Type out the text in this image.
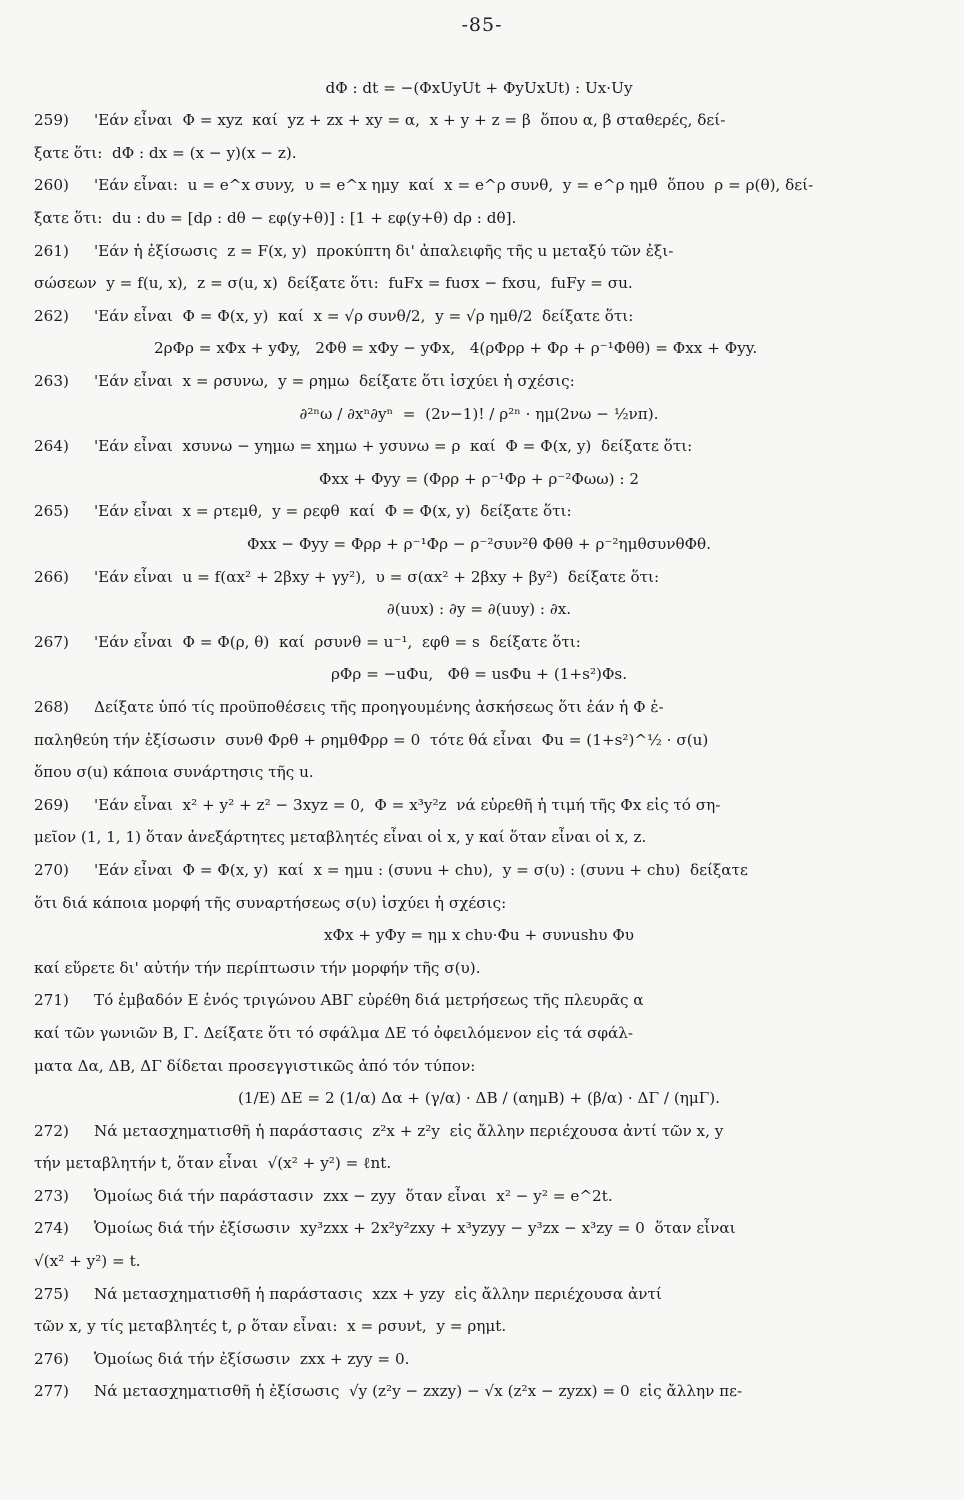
-85-
dΦ : dt = −(ΦxUyUt + ΦyUxUt) : Ux·Uy
259)	'Εάν εἶναι  Φ = xyz  καί  yz + zx + xy = α,  x + y + z = β  ὅπου α, β σταθερές, δεί-
ξατε ὅτι:  dΦ : dx = (x − y)(x − z).
260)	'Εάν εἶναι:  u = e^x συνy,  υ = e^x ημy  καί  x = e^ρ συνθ,  y = e^ρ ημθ  ὅπου  ρ = ρ(θ), δεί-
ξατε ὅτι:  du : dυ = [dρ : dθ − εφ(y+θ)] : [1 + εφ(y+θ) dρ : dθ].
261)	'Εάν ἡ ἐξίσωσις  z = F(x, y)  προκύπτη δι' ἀπαλειφῆς τῆς u μεταξύ τῶν ἐξι-
σώσεων  y = f(u, x),  z = σ(u, x)  δείξατε ὅτι:  fuFx = fuσx − fxσu,  fuFy = σu.
262)	'Εάν εἶναι  Φ = Φ(x, y)  καί  x = √ρ συνθ/2,  y = √ρ ημθ/2  δείξατε ὅτι:
2ρΦρ = xΦx + yΦy,   2Φθ = xΦy − yΦx,   4(ρΦρρ + Φρ + ρ⁻¹Φθθ) = Φxx + Φyy.
263)	'Εάν εἶναι  x = ρσυνω,  y = ρημω  δείξατε ὅτι ἰσχύει ἡ σχέσις:
∂²ⁿω / ∂xⁿ∂yⁿ  =  (2ν−1)! / ρ²ⁿ · ημ(2νω − ½νπ).
264)	'Εάν εἶναι  xσυνω − yημω = xημω + yσυνω = ρ  καί  Φ = Φ(x, y)  δείξατε ὅτι:
Φxx + Φyy = (Φρρ + ρ⁻¹Φρ + ρ⁻²Φωω) : 2
265)	'Εάν εἶναι  x = ρτεμθ,  y = ρεφθ  καί  Φ = Φ(x, y)  δείξατε ὅτι:
Φxx − Φyy = Φρρ + ρ⁻¹Φρ − ρ⁻²συν²θ Φθθ + ρ⁻²ημθσυνθΦθ.
266)	'Εάν εἶναι  u = f(αx² + 2βxy + γy²),  υ = σ(αx² + 2βxy + βy²)  δείξατε ὅτι:
∂(uυx) : ∂y = ∂(uυy) : ∂x.
267)	'Εάν εἶναι  Φ = Φ(ρ, θ)  καί  ρσυνθ = u⁻¹,  εφθ = s  δείξατε ὅτι:
ρΦρ = −uΦu,   Φθ = usΦu + (1+s²)Φs.
268)	Δείξατε ὑπό τίς προϋποθέσεις τῆς προηγουμένης ἀσκήσεως ὅτι ἐάν ἡ Φ ἐ-
παληθεύη τήν ἐξίσωσιν  συνθ Φρθ + ρημθΦρρ = 0  τότε θά εἶναι  Φu = (1+s²)^½ · σ(u)
ὅπου σ(u) κάποια συνάρτησις τῆς u.
269)	'Εάν εἶναι  x² + y² + z² − 3xyz = 0,  Φ = x³y²z  νά εὑρεθῆ ἡ τιμή τῆς Φx εἰς τό ση-
μεῖον (1, 1, 1) ὅταν ἀνεξάρτητες μεταβλητές εἶναι οἱ x, y καί ὅταν εἶναι οἱ x, z.
270)	'Εάν εἶναι  Φ = Φ(x, y)  καί  x = ημu : (συνu + chυ),  y = σ(υ) : (συνu + chυ)  δείξατε
ὅτι διά κάποια μορφή τῆς συναρτήσεως σ(υ) ἰσχύει ἡ σχέσις:
xΦx + yΦy = ημ x chυ·Φu + συνushυ Φυ
καί εὕρετε δι' αὐτήν τήν περίπτωσιν τήν μορφήν τῆς σ(υ).
271)	Τό ἐμβαδόν Ε ἑνός τριγώνου ΑΒΓ εὑρέθη διά μετρήσεως τῆς πλευρᾶς α
καί τῶν γωνιῶν Β, Γ. Δείξατε ὅτι τό σφάλμα ΔΕ τό ὀφειλόμενον εἰς τά σφάλ-
ματα Δα, ΔΒ, ΔΓ δίδεται προσεγγιστικῶς ἀπό τόν τύπον:
(1/Ε) ΔΕ = 2 (1/α) Δα + (γ/α) · ΔΒ / (αημΒ) + (β/α) · ΔΓ / (ημΓ).
272)	Νά μετασχηματισθῆ ἡ παράστασις  z²x + z²y  εἰς ἄλλην περιέχουσα ἀντί τῶν x, y
τήν μεταβλητήν t, ὅταν εἶναι  √(x² + y²) = ℓnt.
273)	Ὁμοίως διά τήν παράστασιν  zxx − zyy  ὅταν εἶναι  x² − y² = e^2t.
274)	Ὁμοίως διά τήν ἐξίσωσιν  xy³zxx + 2x²y²zxy + x³yzyy − y³zx − x³zy = 0  ὅταν εἶναι
√(x² + y²) = t.
275)	Νά μετασχηματισθῆ ἡ παράστασις  xzx + yzy  εἰς ἄλλην περιέχουσα ἀντί
τῶν x, y τίς μεταβλητές t, ρ ὅταν εἶναι:  x = ρσυνt,  y = ρημt.
276)	Ὁμοίως διά τήν ἐξίσωσιν  zxx + zyy = 0.
277)	Νά μετασχηματισθῆ ἡ ἐξίσωσις  √y (z²y − zxzy) − √x (z²x − zyzx) = 0  εἰς ἄλλην πε-
